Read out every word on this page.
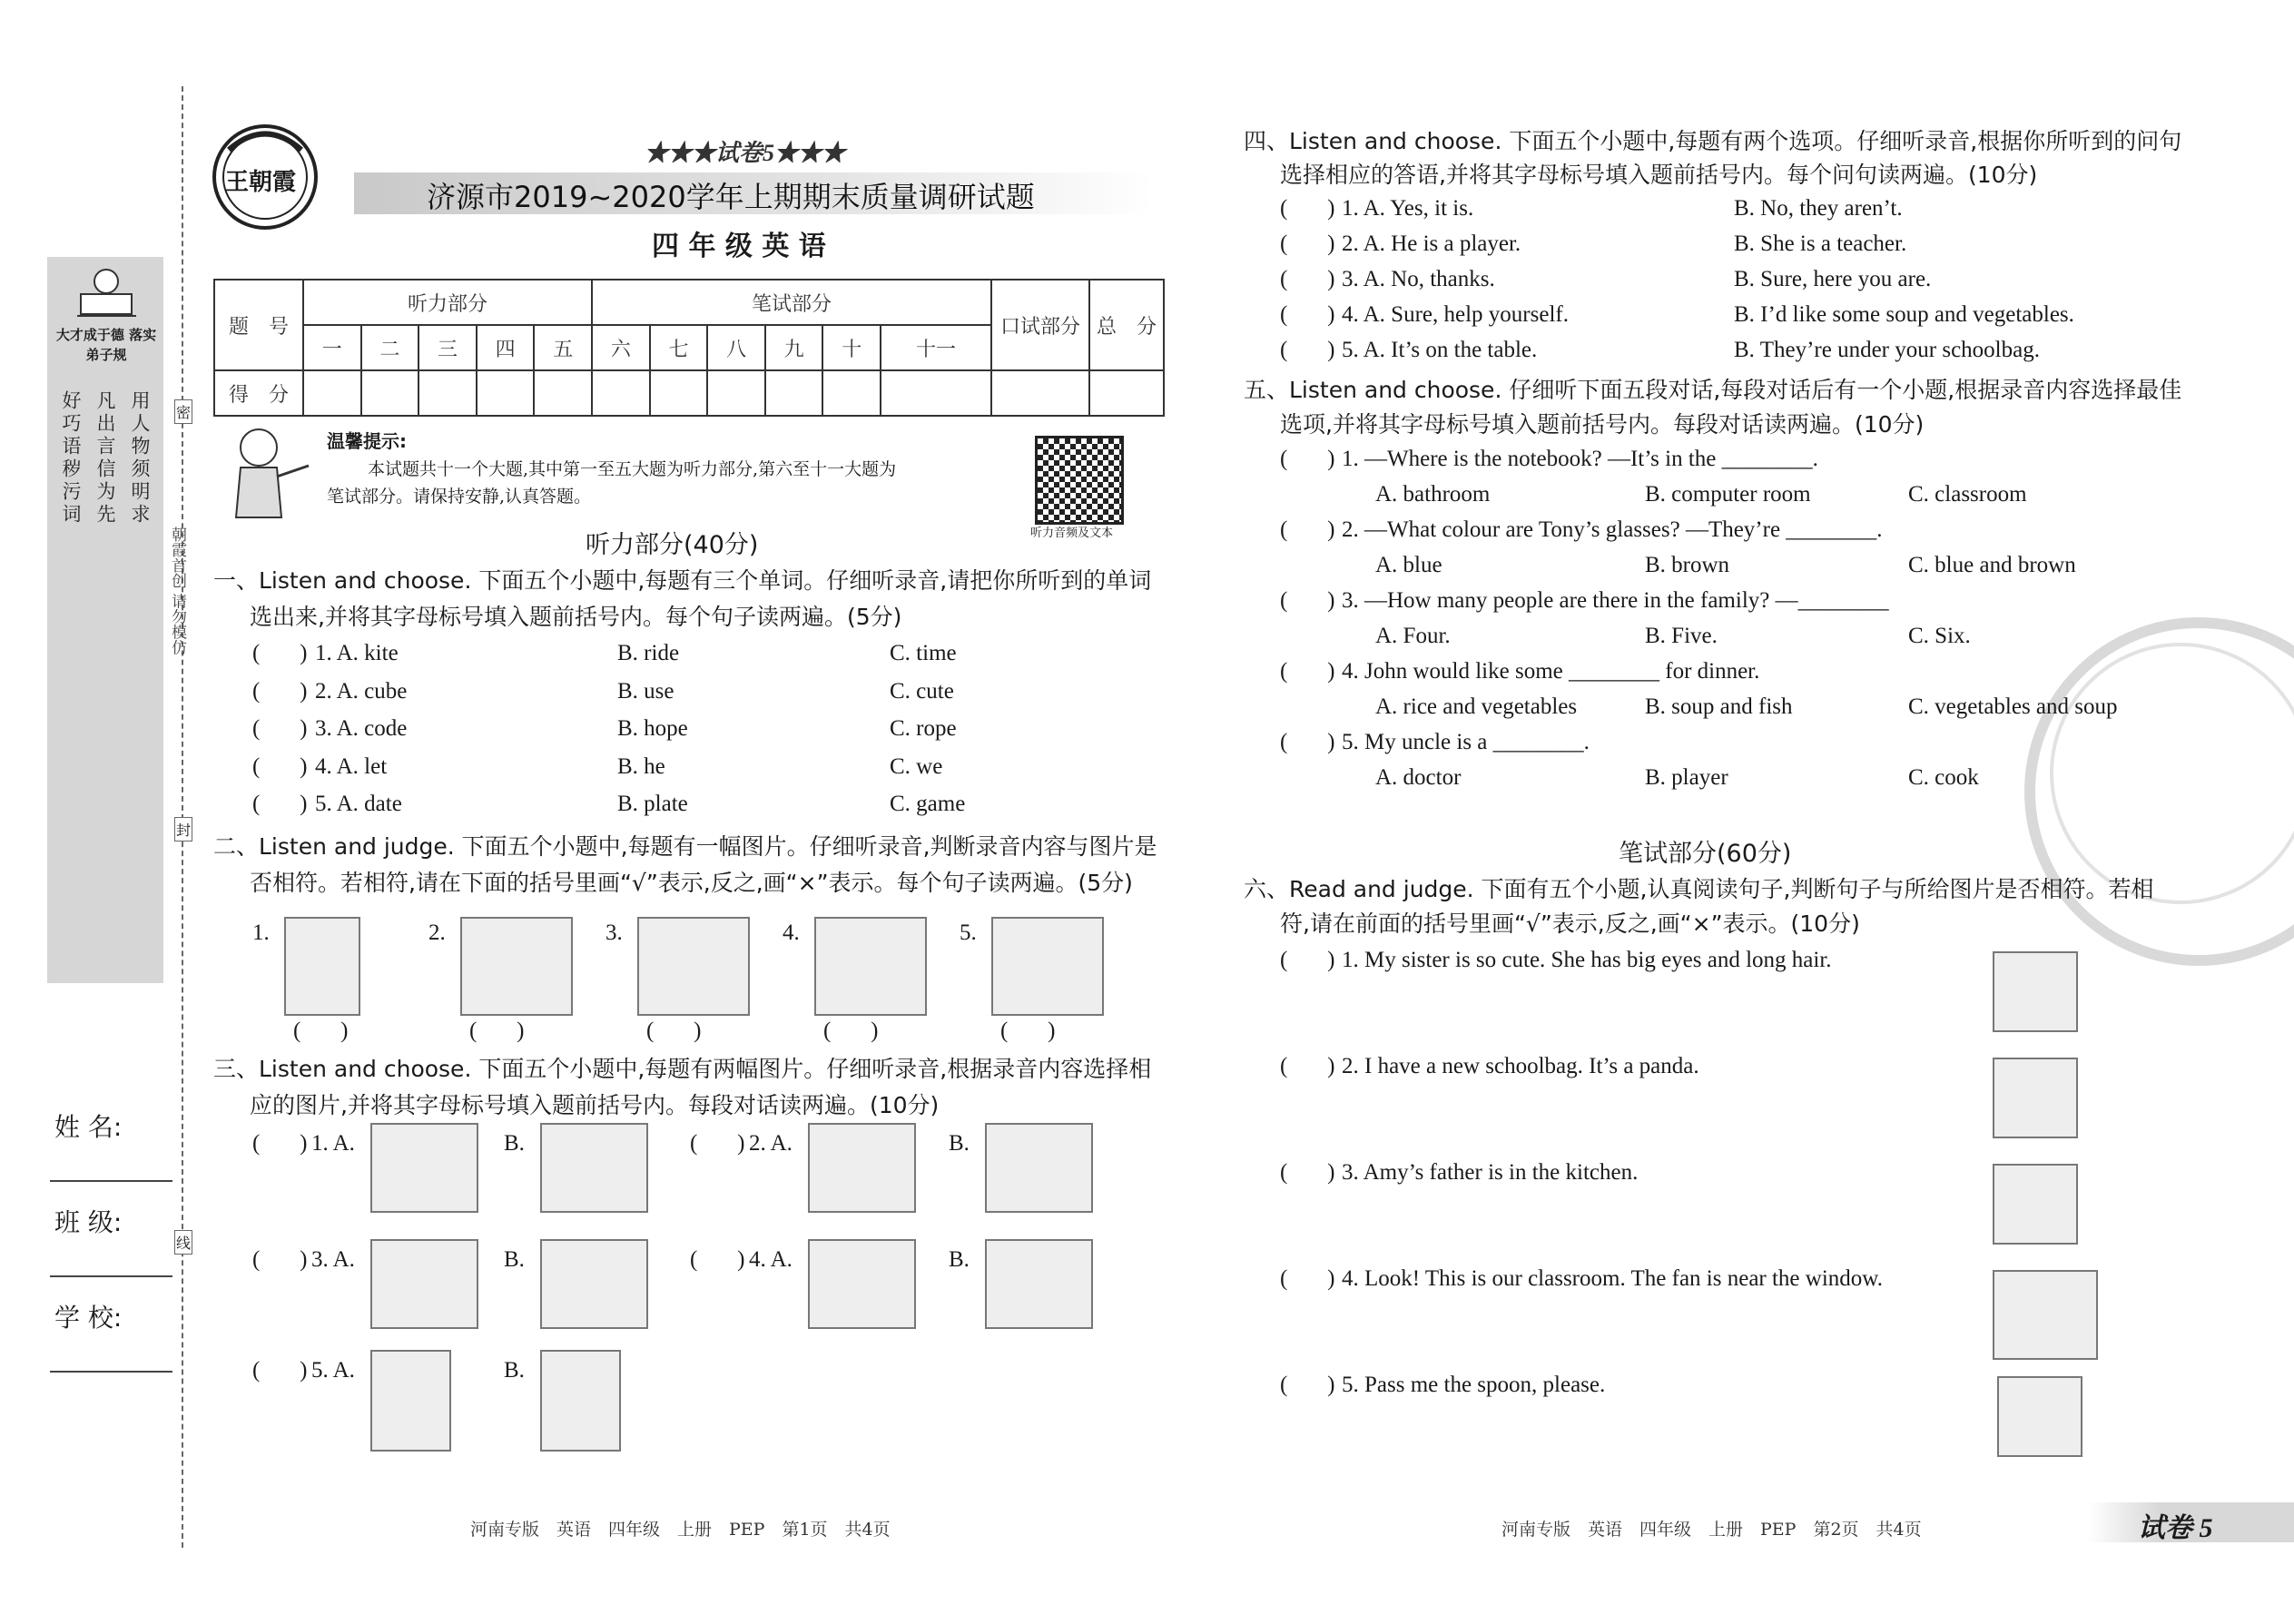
大才成于德 落实弟子规
好巧语秽污词 凡出言信为先 用人物须明求
朝霞首创 请勿模仿
密
封
线
姓 名:
班 级:
学 校:
王朝霞
★★★试卷5★★★
济源市2019~2020学年上期期末质量调研试题
四 年 级 英 语
题　号	听力部分					笔试部分						口试部分	总　分
	一	二	三	四	五	六	七	八	九	十	十一		
得　分													
温馨提示:
本试题共十一个大题,其中第一至五大题为听力部分,第六至十一大题为
笔试部分。请保持安静,认真答题。
听力音频及文本
听力部分(40分)
一、Listen and choose. 下面五个小题中,每题有三个单词。仔细听录音,请把你所听到的单词
选出来,并将其字母标号填入题前括号内。每个句子读两遍。(5分)
(       ) 1. A. kite	B. ride	C. time
(       ) 2. A. cube	B. use	C. cute
(       ) 3. A. code	B. hope	C. rope
(       ) 4. A. let	B. he	C. we
(       ) 5. A. date	B. plate	C. game
二、Listen and judge. 下面五个小题中,每题有一幅图片。仔细听录音,判断录音内容与图片是
否相符。若相符,请在下面的括号里画“√”表示,反之,画“×”表示。每个句子读两遍。(5分)
1.
(       )
2.
(       )
3.
(       )
4.
(       )
5.
(       )
三、Listen and choose. 下面五个小题中,每题有两幅图片。仔细听录音,根据录音内容选择相
应的图片,并将其字母标号填入题前括号内。每段对话读两遍。(10分)
(       ) 1. A.	B.	(       ) 2. A.	B.
(       ) 3. A.	B.	(       ) 4. A.	B.
(       ) 5. A.	B.
四、Listen and choose. 下面五个小题中,每题有两个选项。仔细听录音,根据你所听到的问句
选择相应的答语,并将其字母标号填入题前括号内。每个问句读两遍。(10分)
(       ) 1. A. Yes, it is.	B. No, they aren’t.
(       ) 2. A. He is a player.	B. She is a teacher.
(       ) 3. A. No, thanks.	B. Sure, here you are.
(       ) 4. A. Sure, help yourself.	B. I’d like some soup and vegetables.
(       ) 5. A. It’s on the table.	B. They’re under your schoolbag.
五、Listen and choose. 仔细听下面五段对话,每段对话后有一个小题,根据录音内容选择最佳
选项,并将其字母标号填入题前括号内。每段对话读两遍。(10分)
(       ) 1. —Where is the notebook? —It’s in the ________.
A. bathroom	B. computer room	C. classroom
(       ) 2. —What colour are Tony’s glasses? —They’re ________.
A. blue	B. brown	C. blue and brown
(       ) 3. —How many people are there in the family? —________
A. Four.	B. Five.	C. Six.
(       ) 4. John would like some ________ for dinner.
A. rice and vegetables	B. soup and fish	C. vegetables and soup
(       ) 5. My uncle is a ________.
A. doctor	B. player	C. cook
笔试部分(60分)
六、Read and judge. 下面有五个小题,认真阅读句子,判断句子与所给图片是否相符。若相
符,请在前面的括号里画“√”表示,反之,画“×”表示。(10分)
(       ) 1. My sister is so cute. She has big eyes and long hair.
(       ) 2. I have a new schoolbag. It’s a panda.
(       ) 3. Amy’s father is in the kitchen.
(       ) 4. Look! This is our classroom. The fan is near the window.
(       ) 5. Pass me the spoon, please.
河南专版　英语　四年级　上册　PEP　第1页　共4页	河南专版　英语　四年级　上册　PEP　第2页　共4页	试卷 5
